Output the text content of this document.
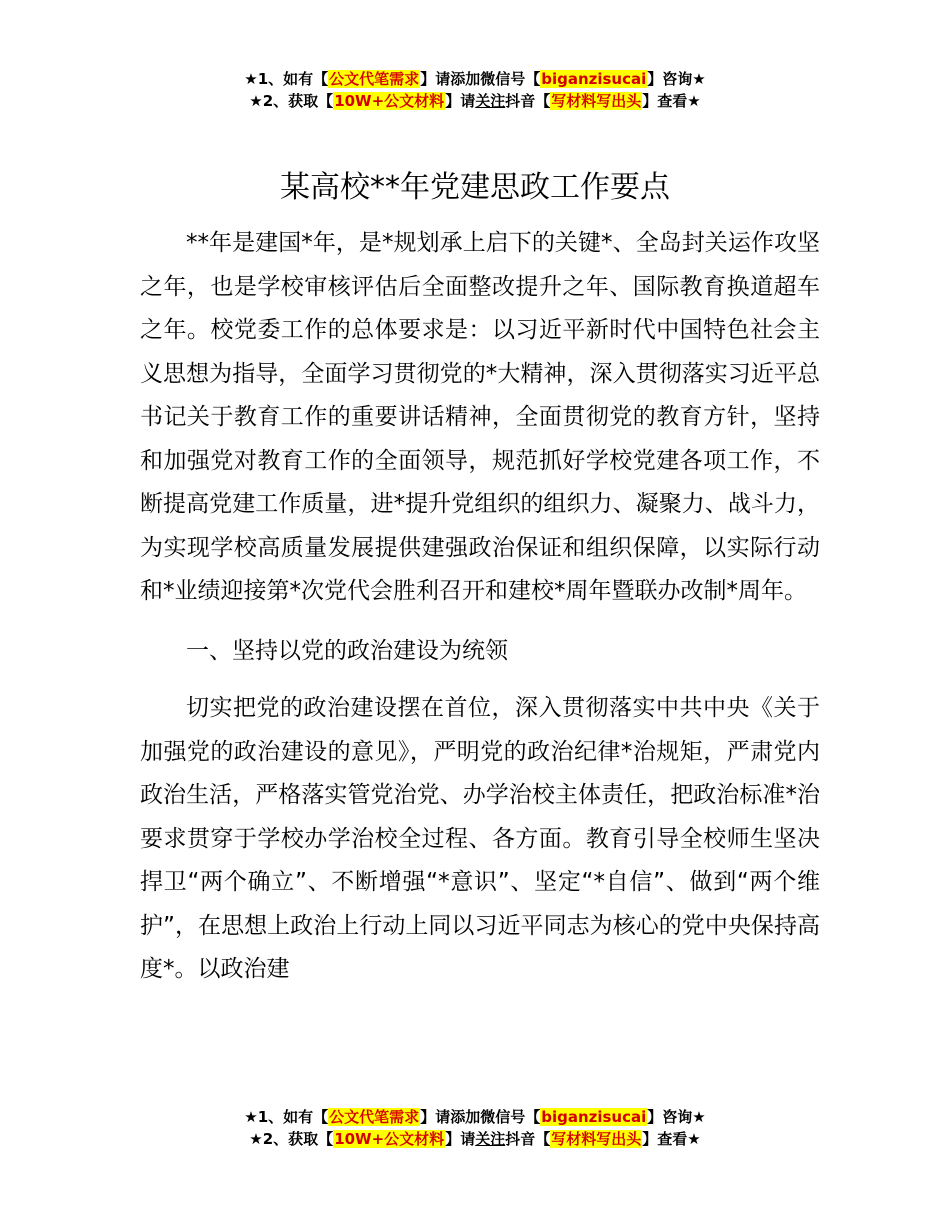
★1、如有【公文代笔需求】请添加微信号【biganzisucai】咨询★
★2、获取【10W+公文材料】请关注抖音【写材料写出头】查看★
某高校**年党建思政工作要点

**年是建国*年，是*规划承上启下的关键*、全岛封关运作攻坚之年，也是学校审核评估后全面整改提升之年、国际教育换道超车之年。校党委工作的总体要求是：以习近平新时代中国特色社会主义思想为指导，全面学习贯彻党的*大精神，深入贯彻落实习近平总书记关于教育工作的重要讲话精神，全面贯彻党的教育方针，坚持和加强党对教育工作的全面领导，规范抓好学校党建各项工作，不断提高党建工作质量，进*提升党组织的组织力、凝聚力、战斗力，为实现学校高质量发展提供建强政治保证和组织保障，以实际行动和*业绩迎接第*次党代会胜利召开和建校*周年暨联办改制*周年。

一、坚持以党的政治建设为统领

切实把党的政治建设摆在首位，深入贯彻落实中共中央《关于加强党的政治建设的意见》，严明党的政治纪律*治规矩，严肃党内政治生活，严格落实管党治党、办学治校主体责任，把政治标准*治要求贯穿于学校办学治校全过程、各方面。教育引导全校师生坚决捍卫“两个确立”、不断增强“*意识”、坚定“*自信”、做到“两个维护”，在思想上政治上行动上同以习近平同志为核心的党中央保持高度*。以政治建

★1、如有【公文代笔需求】请添加微信号【biganzisucai】咨询★
★2、获取【10W+公文材料】请关注抖音【写材料写出头】查看★
